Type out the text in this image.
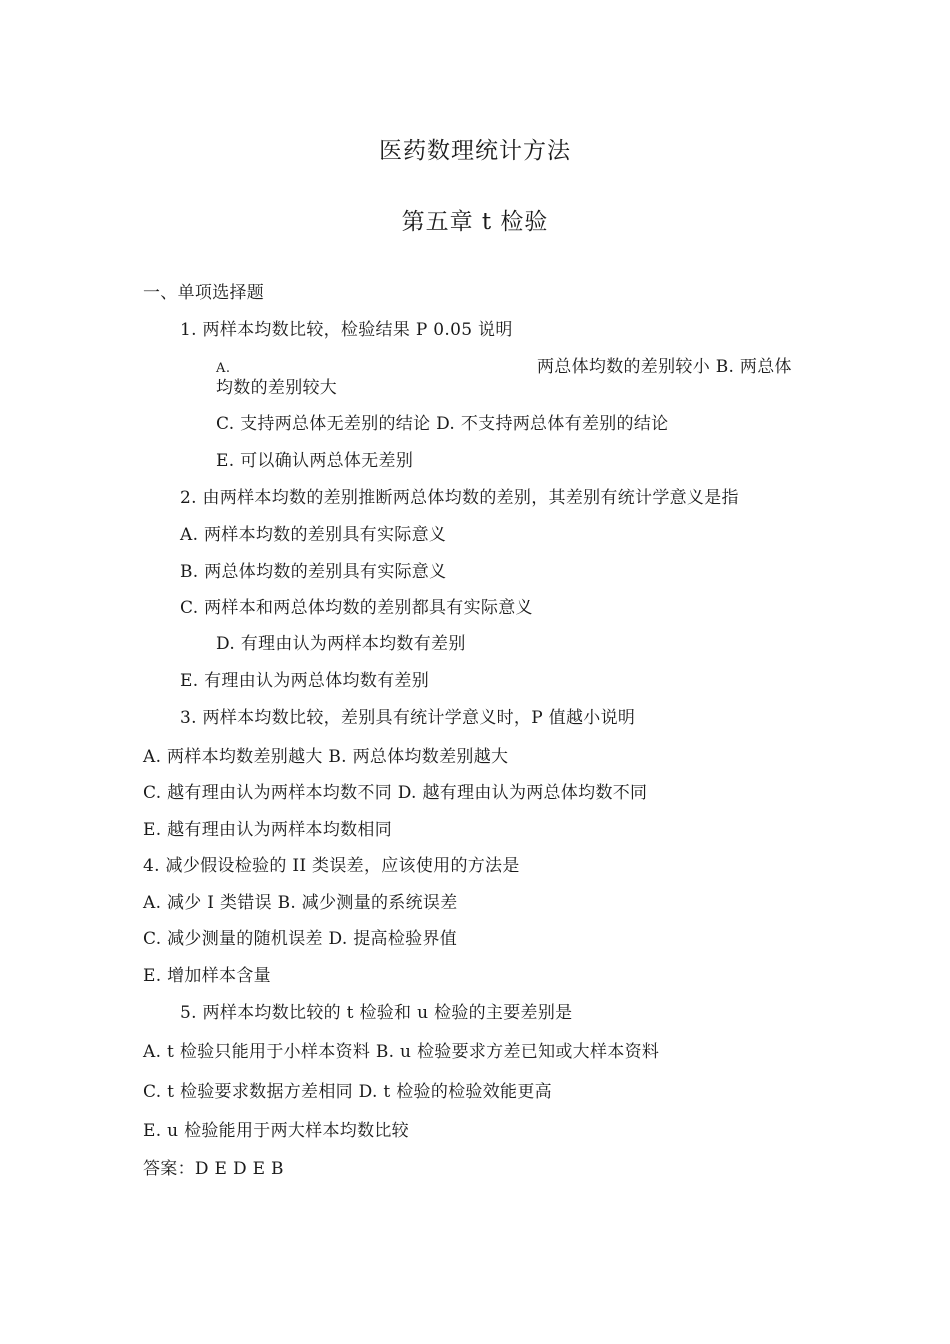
医药数理统计方法
第五章 t 检验
一、单项选择题
1. 两样本均数比较，检验结果 P 0.05 说明
A.	两总体均数的差别较小 B. 两总体
均数的差别较大
C. 支持两总体无差别的结论 D. 不支持两总体有差别的结论
E. 可以确认两总体无差别
2. 由两样本均数的差别推断两总体均数的差别，其差别有统计学意义是指
A. 两样本均数的差别具有实际意义
B. 两总体均数的差别具有实际意义
C. 两样本和两总体均数的差别都具有实际意义
D. 有理由认为两样本均数有差别
E. 有理由认为两总体均数有差别
3. 两样本均数比较，差别具有统计学意义时，P 值越小说明
A. 两样本均数差别越大 B. 两总体均数差别越大
C. 越有理由认为两样本均数不同 D. 越有理由认为两总体均数不同
E. 越有理由认为两样本均数相同
4. 减少假设检验的 II 类误差，应该使用的方法是
A. 减少 I 类错误 B. 减少测量的系统误差
C. 减少测量的随机误差 D. 提高检验界值
E. 增加样本含量
5. 两样本均数比较的 t 检验和 u 检验的主要差别是
A. t 检验只能用于小样本资料 B. u 检验要求方差已知或大样本资料
C. t 检验要求数据方差相同 D. t 检验的检验效能更高
E. u 检验能用于两大样本均数比较
答案：D E D E B
